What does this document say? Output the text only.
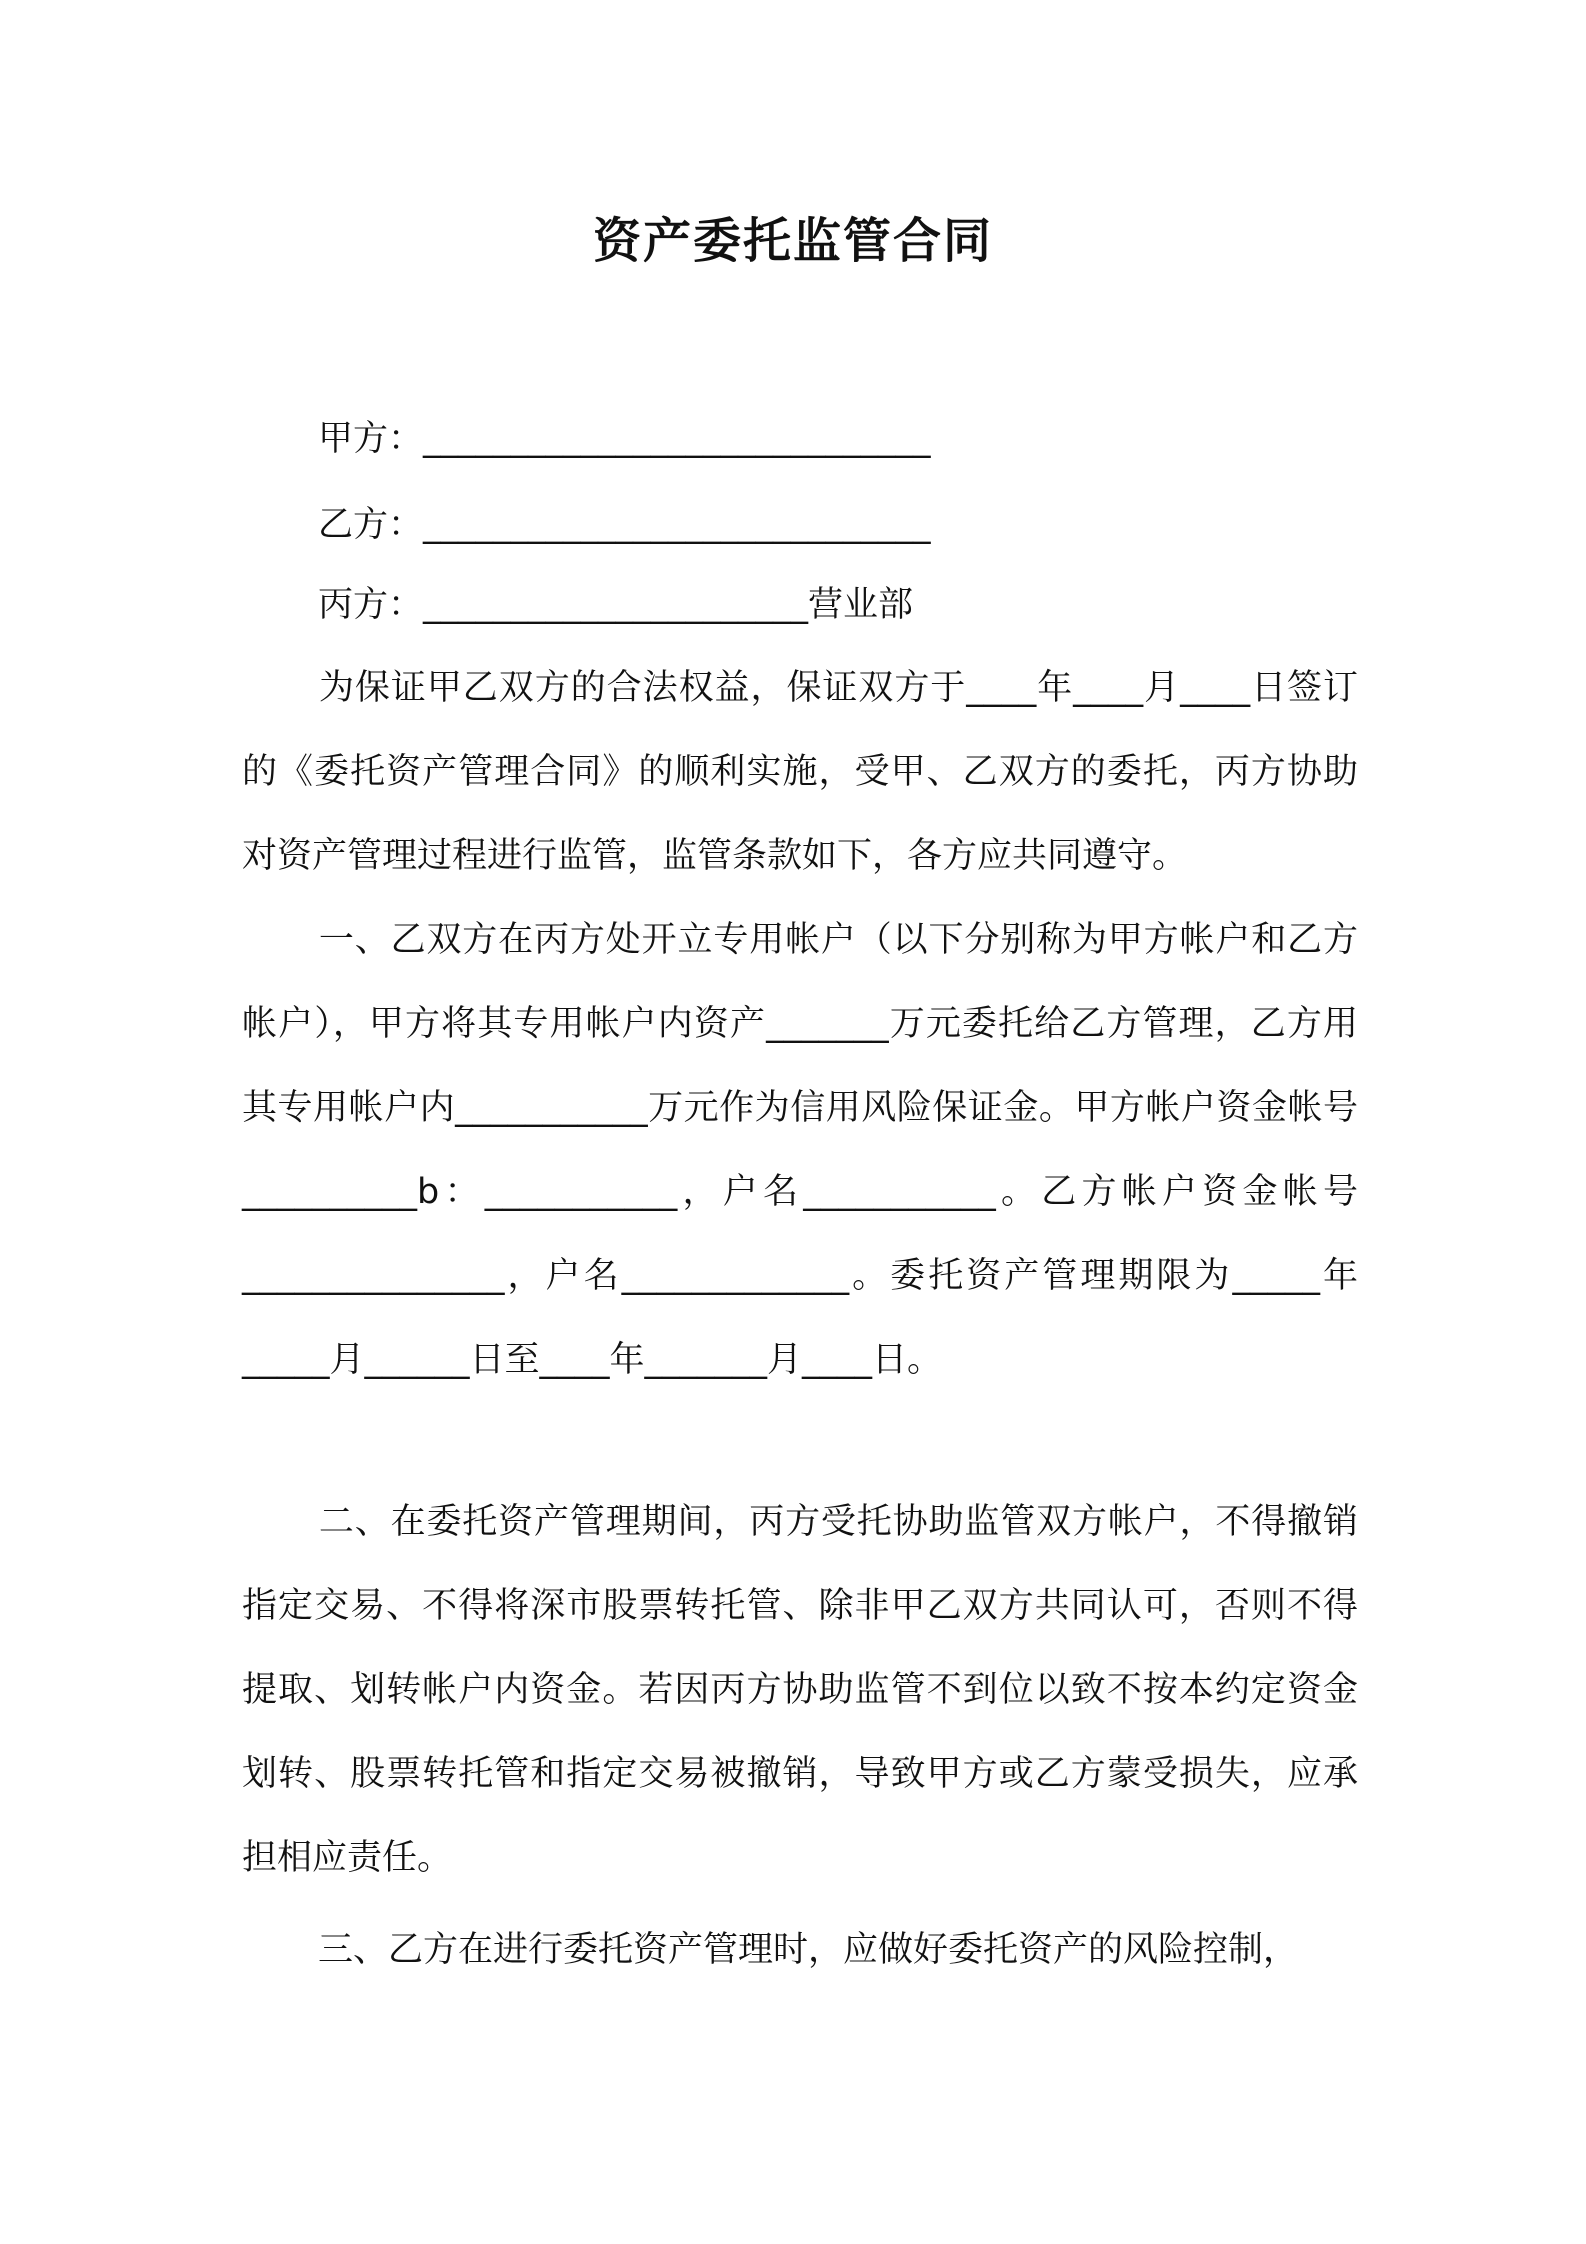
资产委托监管合同
甲方：_____________________________
乙方：_____________________________
丙方：______________________营业部

为保证甲乙双方的合法权益，保证双方于____年____月____日签订的《委托资产管理合同》的顺利实施，受甲、乙双方的委托，丙方协助对资产管理过程进行监管，监管条款如下，各方应共同遵守。

一、乙双方在丙方处开立专用帐户（以下分别称为甲方帐户和乙方帐户），甲方将其专用帐户内资产_______万元委托给乙方管理，乙方用其专用帐户内___________万元作为信用风险保证金。甲方帐户资金帐号__________b：___________，户名___________。乙方帐户资金帐号_______________，户名_____________。委托资产管理期限为_____年_____月______日至____年_______月____日。

二、在委托资产管理期间，丙方受托协助监管双方帐户，不得撤销指定交易、不得将深市股票转托管、除非甲乙双方共同认可，否则不得提取、划转帐户内资金。若因丙方协助监管不到位以致不按本约定资金划转、股票转托管和指定交易被撤销，导致甲方或乙方蒙受损失，应承担相应责任。

三、乙方在进行委托资产管理时，应做好委托资产的风险控制，
